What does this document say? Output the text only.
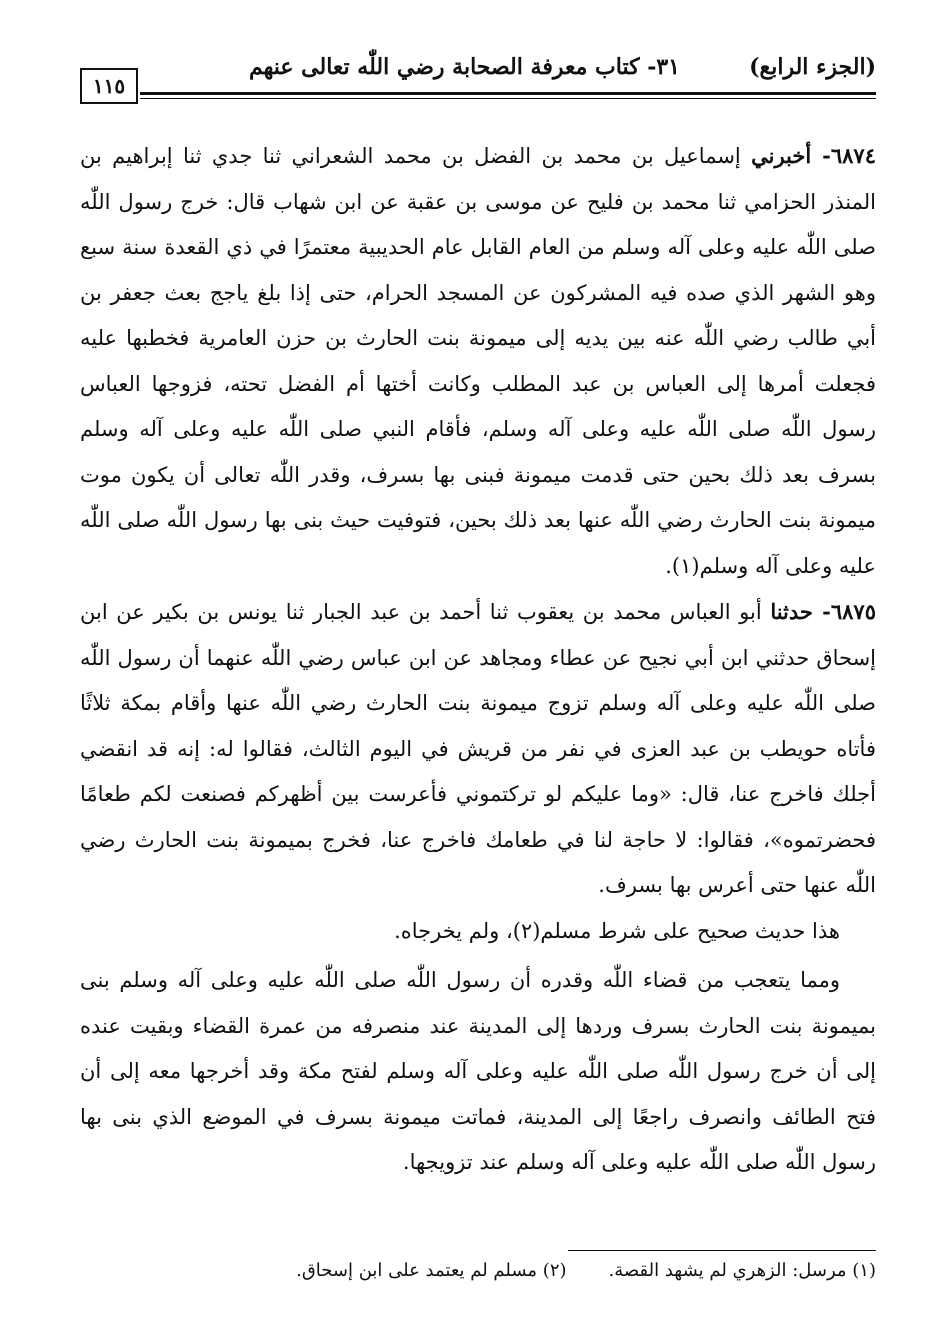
(الجزء الرابع)
٣١- كتاب معرفة الصحابة رضي اللّٰه تعالى عنهم
١١٥

٦٨٧٤- أخبرني إسماعيل بن محمد بن الفضل بن محمد الشعراني ثنا جدي ثنا إبراهيم بن المنذر الحزامي ثنا محمد بن فليح عن موسى بن عقبة عن ابن شهاب قال: خرج رسول اللّٰه صلى اللّٰه عليه وعلى آله وسلم من العام القابل عام الحديبية معتمرًا في ذي القعدة سنة سبع وهو الشهر الذي صده فيه المشركون عن المسجد الحرام، حتى إذا بلغ ياجج بعث جعفر بن أبي طالب رضي اللّٰه عنه بين يديه إلى ميمونة بنت الحارث بن حزن العامرية فخطبها عليه فجعلت أمرها إلى العباس بن عبد المطلب وكانت أختها أم الفضل تحته، فزوجها العباس رسول اللّٰه صلى اللّٰه عليه وعلى آله وسلم، فأقام النبي صلى اللّٰه عليه وعلى آله وسلم بسرف بعد ذلك بحين حتى قدمت ميمونة فبنى بها بسرف، وقدر اللّٰه تعالى أن يكون موت ميمونة بنت الحارث رضي اللّٰه عنها بعد ذلك بحين، فتوفيت حيث بنى بها رسول اللّٰه صلى اللّٰه عليه وعلى آله وسلم(١).

٦٨٧٥- حدثنا أبو العباس محمد بن يعقوب ثنا أحمد بن عبد الجبار ثنا يونس بن بكير عن ابن إسحاق حدثني ابن أبي نجيح عن عطاء ومجاهد عن ابن عباس رضي اللّٰه عنهما أن رسول اللّٰه صلى اللّٰه عليه وعلى آله وسلم تزوج ميمونة بنت الحارث رضي اللّٰه عنها وأقام بمكة ثلاثًا فأتاه حويطب بن عبد العزى في نفر من قريش في اليوم الثالث، فقالوا له: إنه قد انقضي أجلك فاخرج عنا، قال: «وما عليكم لو تركتموني فأعرست بين أظهركم فصنعت لكم طعامًا فحضرتموه»، فقالوا: لا حاجة لنا في طعامك فاخرج عنا، فخرج بميمونة بنت الحارث رضي اللّٰه عنها حتى أعرس بها بسرف.

هذا حديث صحيح على شرط مسلم(٢)، ولم يخرجاه.

ومما يتعجب من قضاء اللّٰه وقدره أن رسول اللّٰه صلى اللّٰه عليه وعلى آله وسلم بنى بميمونة بنت الحارث بسرف وردها إلى المدينة عند منصرفه من عمرة القضاء وبقيت عنده إلى أن خرج رسول اللّٰه صلى اللّٰه عليه وعلى آله وسلم لفتح مكة وقد أخرجها معه إلى أن فتح الطائف وانصرف راجعًا إلى المدينة، فماتت ميمونة بسرف في الموضع الذي بنى بها رسول اللّٰه صلى اللّٰه عليه وعلى آله وسلم عند تزويجها.

(١) مرسل: الزهري لم يشهد القصة.(٢) مسلم لم يعتمد على ابن إسحاق.
